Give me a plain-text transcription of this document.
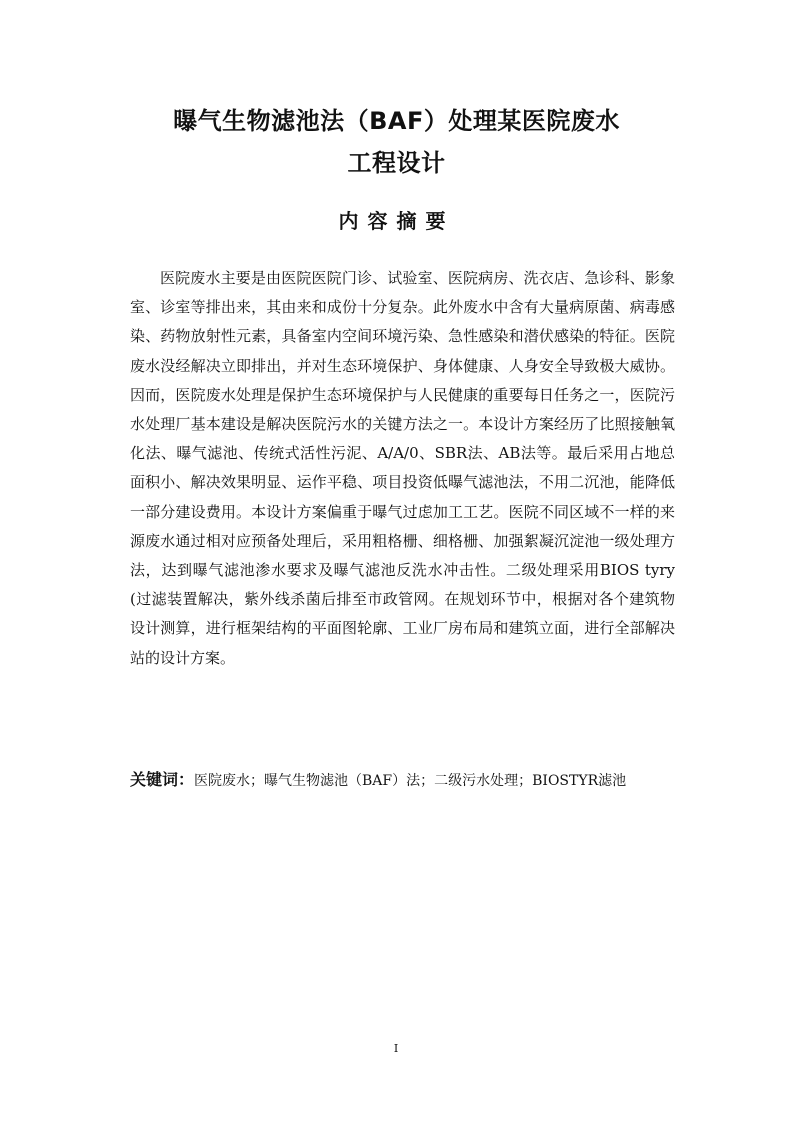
曝气生物滤池法（BAF）处理某医院废水
工程设计
内容摘要

医院废水主要是由医院医院门诊、试验室、医院病房、洗衣店、急诊科、影象室、诊室等排出来，其由来和成份十分复杂。此外废水中含有大量病原菌、病毒感染、药物放射性元素，具备室内空间环境污染、急性感染和潜伏感染的特征。医院废水没经解决立即排出，并对生态环境保护、身体健康、人身安全导致极大威协。因而，医院废水处理是保护生态环境保护与人民健康的重要每日任务之一，医院污水处理厂基本建设是解决医院污水的关键方法之一。本设计方案经历了比照接触氧化法、曝气滤池、传统式活性污泥、A/A/0、SBR法、AB法等。最后采用占地总面积小、解决效果明显、运作平稳、项目投资低曝气滤池法，不用二沉池，能降低一部分建设费用。本设计方案偏重于曝气过虑加工工艺。医院不同区域不一样的来源废水通过相对应预备处理后，采用粗格栅、细格栅、加强絮凝沉淀池一级处理方法，达到曝气滤池渗水要求及曝气滤池反洗水冲击性。二级处理采用BIOS tyry (过滤装置解决，紫外线杀菌后排至市政管网。在规划环节中，根据对各个建筑物设计测算，进行框架结构的平面图轮廓、工业厂房布局和建筑立面，进行全部解决站的设计方案。

关键词：医院废水；曝气生物滤池（BAF）法；二级污水处理；BIOSTYR滤池

I
